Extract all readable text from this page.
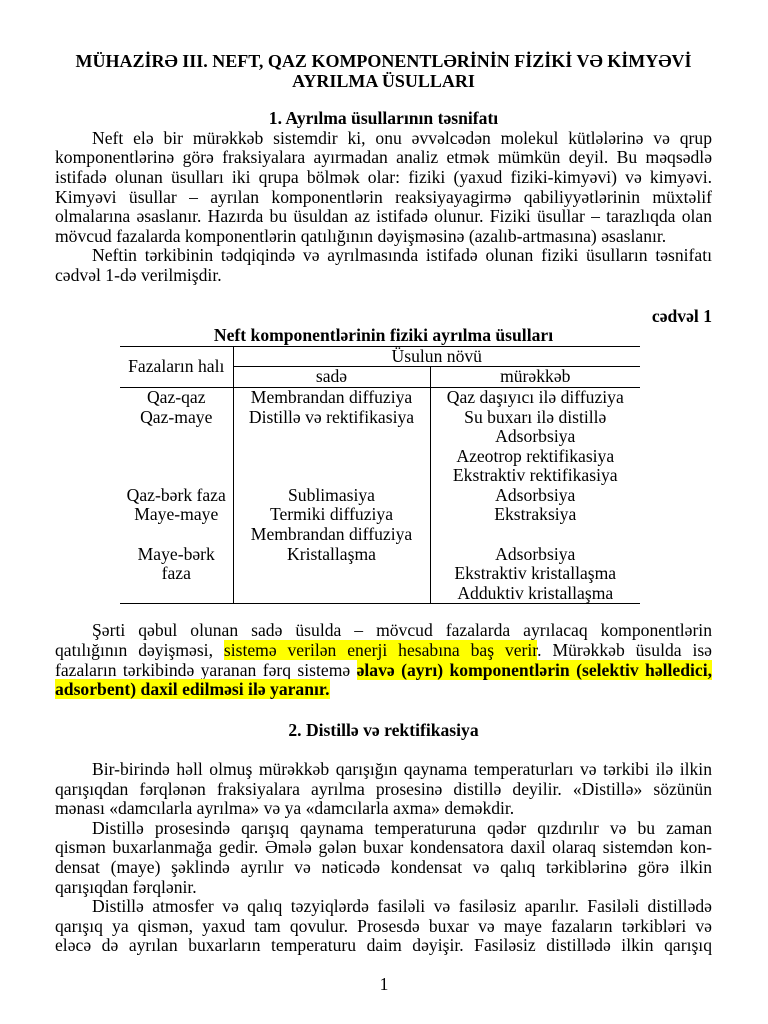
MÜHAZİRƏ III. NEFT, QAZ KOMPONENTLƏRİNİN FİZİKİ VƏ KİMYƏVİ
AYRILMA ÜSULLARI
1. Ayrılma üsullarının təsnifatı
Neft elə bir mürəkkəb sistemdir ki, onu əvvəlcədən molekul kütlələrinə və qrup
komponentlərinə görə fraksiyalara ayırmadan analiz etmək mümkün deyil. Bu məqsədlə
istifadə olunan üsulları iki qrupa bölmək olar: fiziki (yaxud fiziki-kimyəvi) və kimyəvi.
Kimyəvi üsullar – ayrılan komponentlərin reaksiyayagirmə qabiliyyətlərinin müxtəlif
olmalarına əsaslanır. Hazırda bu üsuldan az istifadə olunur. Fiziki üsullar – tarazlıqda olan
mövcud fazalarda komponentlərin qatılığının dəyişməsinə (azalıb-artmasına) əsaslanır.
Neftin tərkibinin tədqiqində və ayrılmasında istifadə olunan fiziki üsulların təsnifatı
cədvəl 1-də verilmişdir.
cədvəl 1
Neft komponentlərinin fiziki ayrılma üsulları
Fazaların halı	Üsulun növü	
	sadə	mürəkkəb
Qaz-qaz	Membrandan diffuziya	Qaz daşıyıcı ilə diffuziya
Qaz-maye	Distillə və rektifikasiya	Su buxarı ilə distillə
		Adsorbsiya
		Azeotrop rektifikasiya
		Ekstraktiv rektifikasiya
Qaz-bərk faza	Sublimasiya	Adsorbsiya
Maye-maye	Termiki diffuziya	Ekstraksiya
	Membrandan diffuziya	
Maye-bərk	Kristallaşma	Adsorbsiya
faza		Ekstraktiv kristallaşma
		Adduktiv kristallaşma
Şərti qəbul olunan sadə üsulda – mövcud fazalarda ayrılacaq komponentlərin
qatılığının dəyişməsi, sistemə verilən enerji hesabına baş verir. Mürəkkəb üsulda isə
fazaların tərkibində yaranan fərq sistemə əlavə (ayrı) komponentlərin (selektiv həlledici,
adsorbent) daxil edilməsi ilə yaranır.
2. Distillə və rektifikasiya
Bir-birində həll olmuş mürəkkəb qarışığın qaynama temperaturları və tərkibi ilə ilkin
qarışıqdan fərqlənən fraksiyalara ayrılma prosesinə distillə deyilir. «Distillə» sözünün
mənası «damcılarla ayrılma» və ya «damcılarla axma» deməkdir.
Distillə prosesində qarışıq qaynama temperaturuna qədər qızdırılır və bu zaman
qismən buxarlanmağa gedir. Əmələ gələn buxar kondensatora daxil olaraq sistemdən kon-
densat (maye) şəklində ayrılır və nəticədə kondensat və qalıq tərkiblərinə görə ilkin
qarışıqdan fərqlənir.
Distillə atmosfer və qalıq təzyiqlərdə fasiləli və fasiləsiz aparılır. Fasiləli distillədə
qarışıq ya qismən, yaxud tam qovulur. Prosesdə buxar və maye fazaların tərkibləri və
eləcə də ayrılan buxarların temperaturu daim dəyişir. Fasiləsiz distillədə ilkin qarışıq
1
